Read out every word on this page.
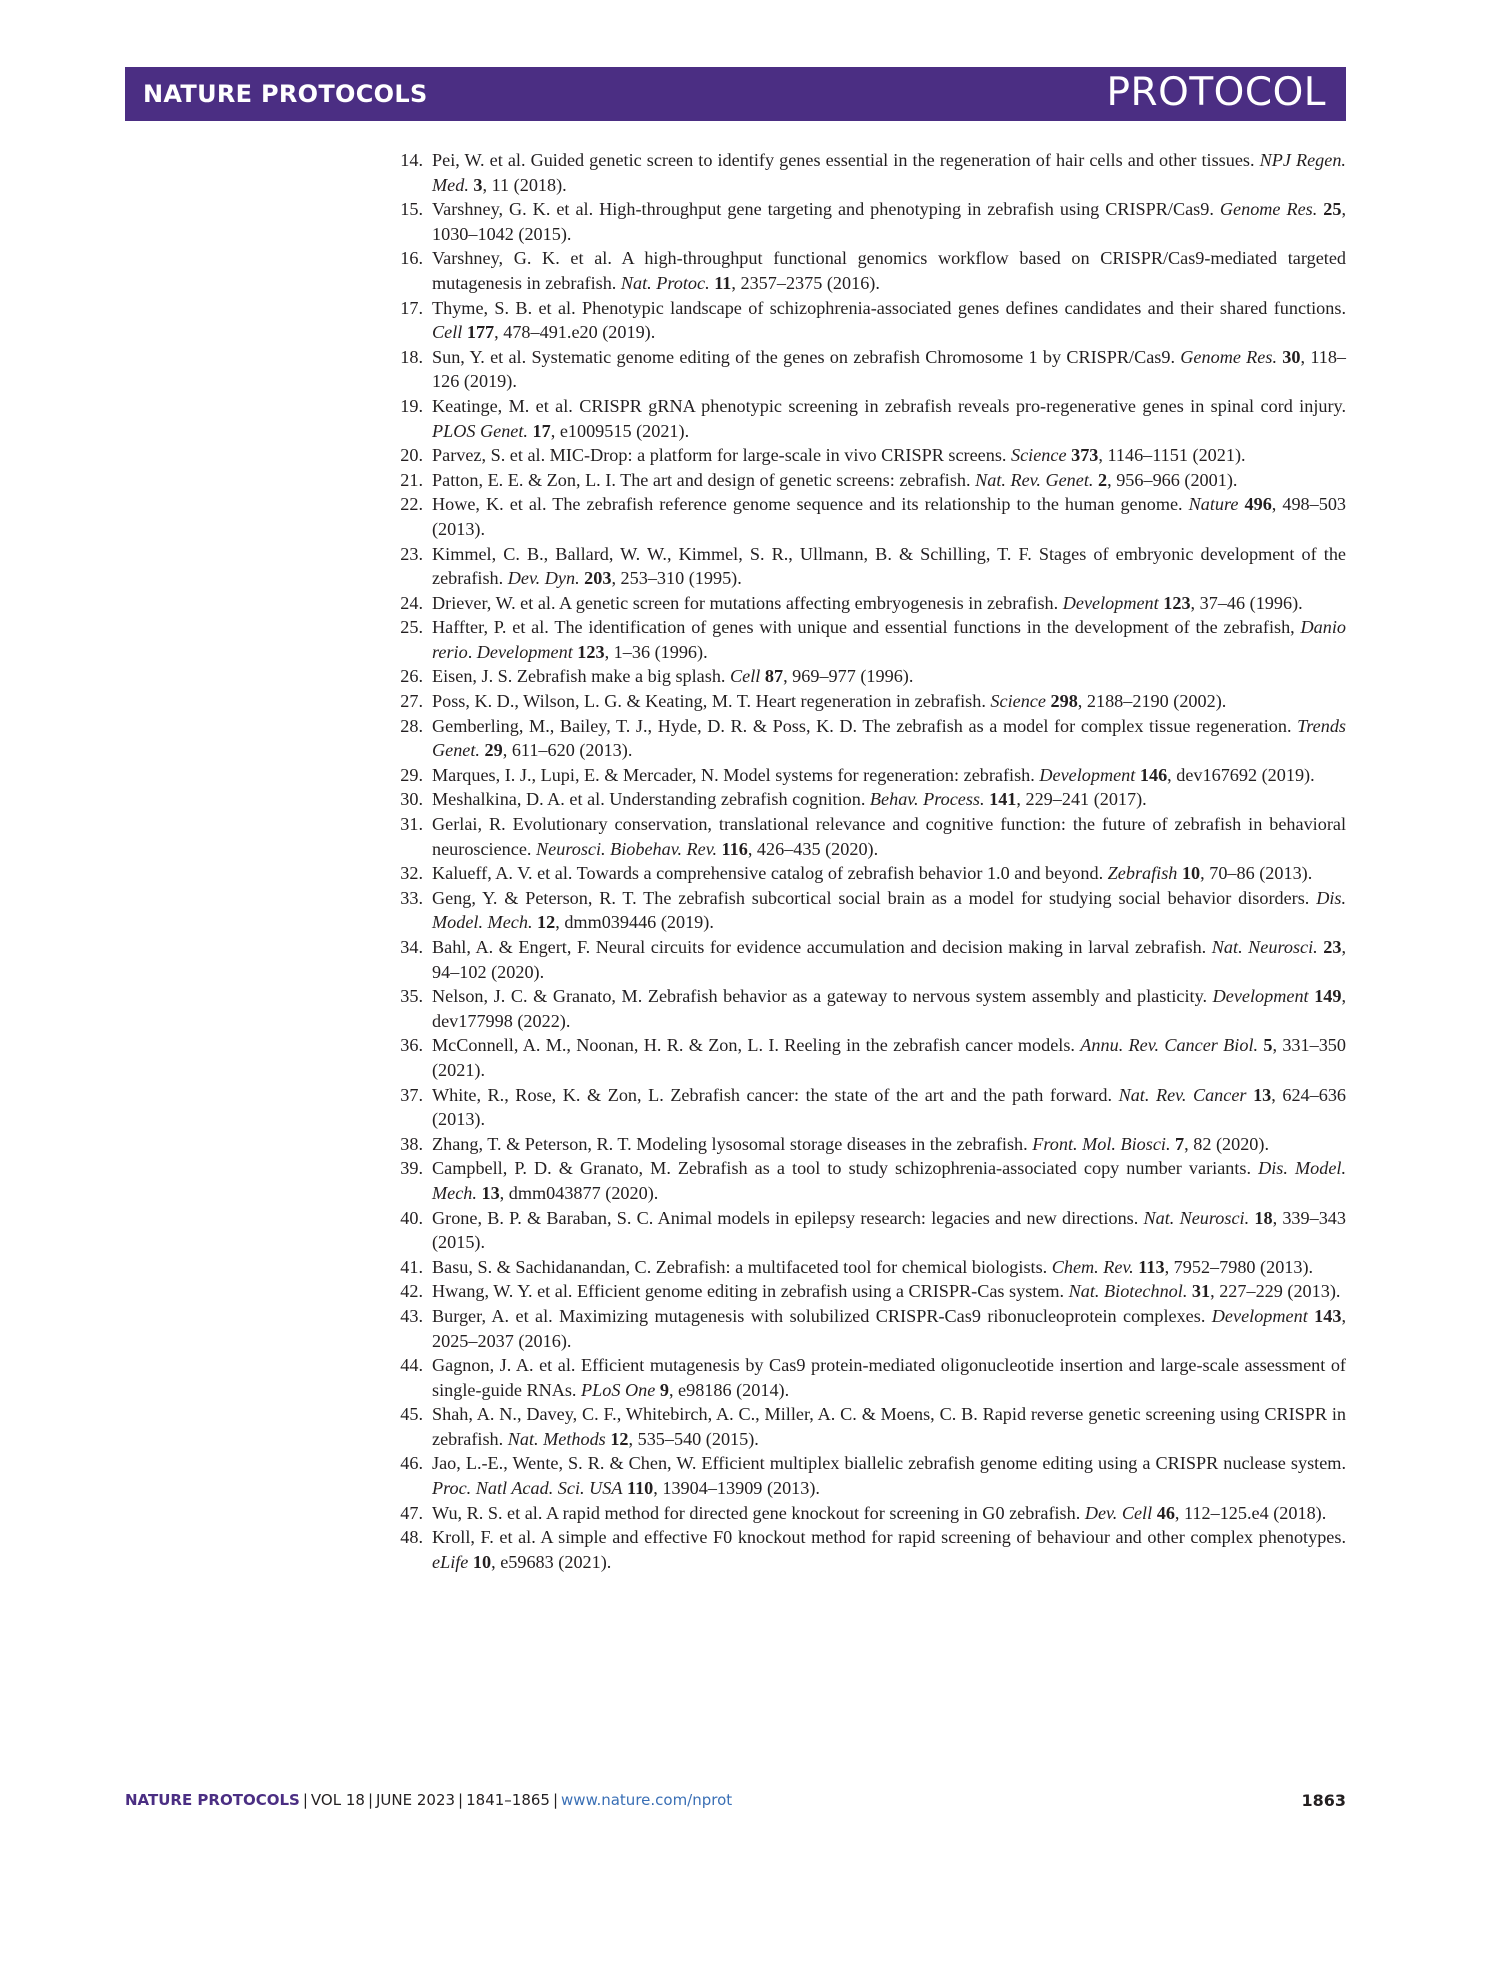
NATURE PROTOCOLS	PROTOCOL
14. Pei, W. et al. Guided genetic screen to identify genes essential in the regeneration of hair cells and other tissues. NPJ Regen. Med. 3, 11 (2018).
15. Varshney, G. K. et al. High-throughput gene targeting and phenotyping in zebrafish using CRISPR/Cas9. Genome Res. 25, 1030–1042 (2015).
16. Varshney, G. K. et al. A high-throughput functional genomics workflow based on CRISPR/Cas9-mediated targeted mutagenesis in zebrafish. Nat. Protoc. 11, 2357–2375 (2016).
17. Thyme, S. B. et al. Phenotypic landscape of schizophrenia-associated genes defines candidates and their shared functions. Cell 177, 478–491.e20 (2019).
18. Sun, Y. et al. Systematic genome editing of the genes on zebrafish Chromosome 1 by CRISPR/Cas9. Genome Res. 30, 118–126 (2019).
19. Keatinge, M. et al. CRISPR gRNA phenotypic screening in zebrafish reveals pro-regenerative genes in spinal cord injury. PLOS Genet. 17, e1009515 (2021).
20. Parvez, S. et al. MIC-Drop: a platform for large-scale in vivo CRISPR screens. Science 373, 1146–1151 (2021).
21. Patton, E. E. & Zon, L. I. The art and design of genetic screens: zebrafish. Nat. Rev. Genet. 2, 956–966 (2001).
22. Howe, K. et al. The zebrafish reference genome sequence and its relationship to the human genome. Nature 496, 498–503 (2013).
23. Kimmel, C. B., Ballard, W. W., Kimmel, S. R., Ullmann, B. & Schilling, T. F. Stages of embryonic development of the zebrafish. Dev. Dyn. 203, 253–310 (1995).
24. Driever, W. et al. A genetic screen for mutations affecting embryogenesis in zebrafish. Development 123, 37–46 (1996).
25. Haffter, P. et al. The identification of genes with unique and essential functions in the development of the zebrafish, Danio rerio. Development 123, 1–36 (1996).
26. Eisen, J. S. Zebrafish make a big splash. Cell 87, 969–977 (1996).
27. Poss, K. D., Wilson, L. G. & Keating, M. T. Heart regeneration in zebrafish. Science 298, 2188–2190 (2002).
28. Gemberling, M., Bailey, T. J., Hyde, D. R. & Poss, K. D. The zebrafish as a model for complex tissue regeneration. Trends Genet. 29, 611–620 (2013).
29. Marques, I. J., Lupi, E. & Mercader, N. Model systems for regeneration: zebrafish. Development 146, dev167692 (2019).
30. Meshalkina, D. A. et al. Understanding zebrafish cognition. Behav. Process. 141, 229–241 (2017).
31. Gerlai, R. Evolutionary conservation, translational relevance and cognitive function: the future of zebrafish in behavioral neuroscience. Neurosci. Biobehav. Rev. 116, 426–435 (2020).
32. Kalueff, A. V. et al. Towards a comprehensive catalog of zebrafish behavior 1.0 and beyond. Zebrafish 10, 70–86 (2013).
33. Geng, Y. & Peterson, R. T. The zebrafish subcortical social brain as a model for studying social behavior disorders. Dis. Model. Mech. 12, dmm039446 (2019).
34. Bahl, A. & Engert, F. Neural circuits for evidence accumulation and decision making in larval zebrafish. Nat. Neurosci. 23, 94–102 (2020).
35. Nelson, J. C. & Granato, M. Zebrafish behavior as a gateway to nervous system assembly and plasticity. Development 149, dev177998 (2022).
36. McConnell, A. M., Noonan, H. R. & Zon, L. I. Reeling in the zebrafish cancer models. Annu. Rev. Cancer Biol. 5, 331–350 (2021).
37. White, R., Rose, K. & Zon, L. Zebrafish cancer: the state of the art and the path forward. Nat. Rev. Cancer 13, 624–636 (2013).
38. Zhang, T. & Peterson, R. T. Modeling lysosomal storage diseases in the zebrafish. Front. Mol. Biosci. 7, 82 (2020).
39. Campbell, P. D. & Granato, M. Zebrafish as a tool to study schizophrenia-associated copy number variants. Dis. Model. Mech. 13, dmm043877 (2020).
40. Grone, B. P. & Baraban, S. C. Animal models in epilepsy research: legacies and new directions. Nat. Neurosci. 18, 339–343 (2015).
41. Basu, S. & Sachidanandan, C. Zebrafish: a multifaceted tool for chemical biologists. Chem. Rev. 113, 7952–7980 (2013).
42. Hwang, W. Y. et al. Efficient genome editing in zebrafish using a CRISPR-Cas system. Nat. Biotechnol. 31, 227–229 (2013).
43. Burger, A. et al. Maximizing mutagenesis with solubilized CRISPR-Cas9 ribonucleoprotein complexes. Development 143, 2025–2037 (2016).
44. Gagnon, J. A. et al. Efficient mutagenesis by Cas9 protein-mediated oligonucleotide insertion and large-scale assessment of single-guide RNAs. PLoS One 9, e98186 (2014).
45. Shah, A. N., Davey, C. F., Whitebirch, A. C., Miller, A. C. & Moens, C. B. Rapid reverse genetic screening using CRISPR in zebrafish. Nat. Methods 12, 535–540 (2015).
46. Jao, L.-E., Wente, S. R. & Chen, W. Efficient multiplex biallelic zebrafish genome editing using a CRISPR nuclease system. Proc. Natl Acad. Sci. USA 110, 13904–13909 (2013).
47. Wu, R. S. et al. A rapid method for directed gene knockout for screening in G0 zebrafish. Dev. Cell 46, 112–125.e4 (2018).
48. Kroll, F. et al. A simple and effective F0 knockout method for rapid screening of behaviour and other complex phenotypes. eLife 10, e59683 (2021).
NATURE PROTOCOLS | VOL 18 | JUNE 2023 | 1841–1865 | www.nature.com/nprot	1863
